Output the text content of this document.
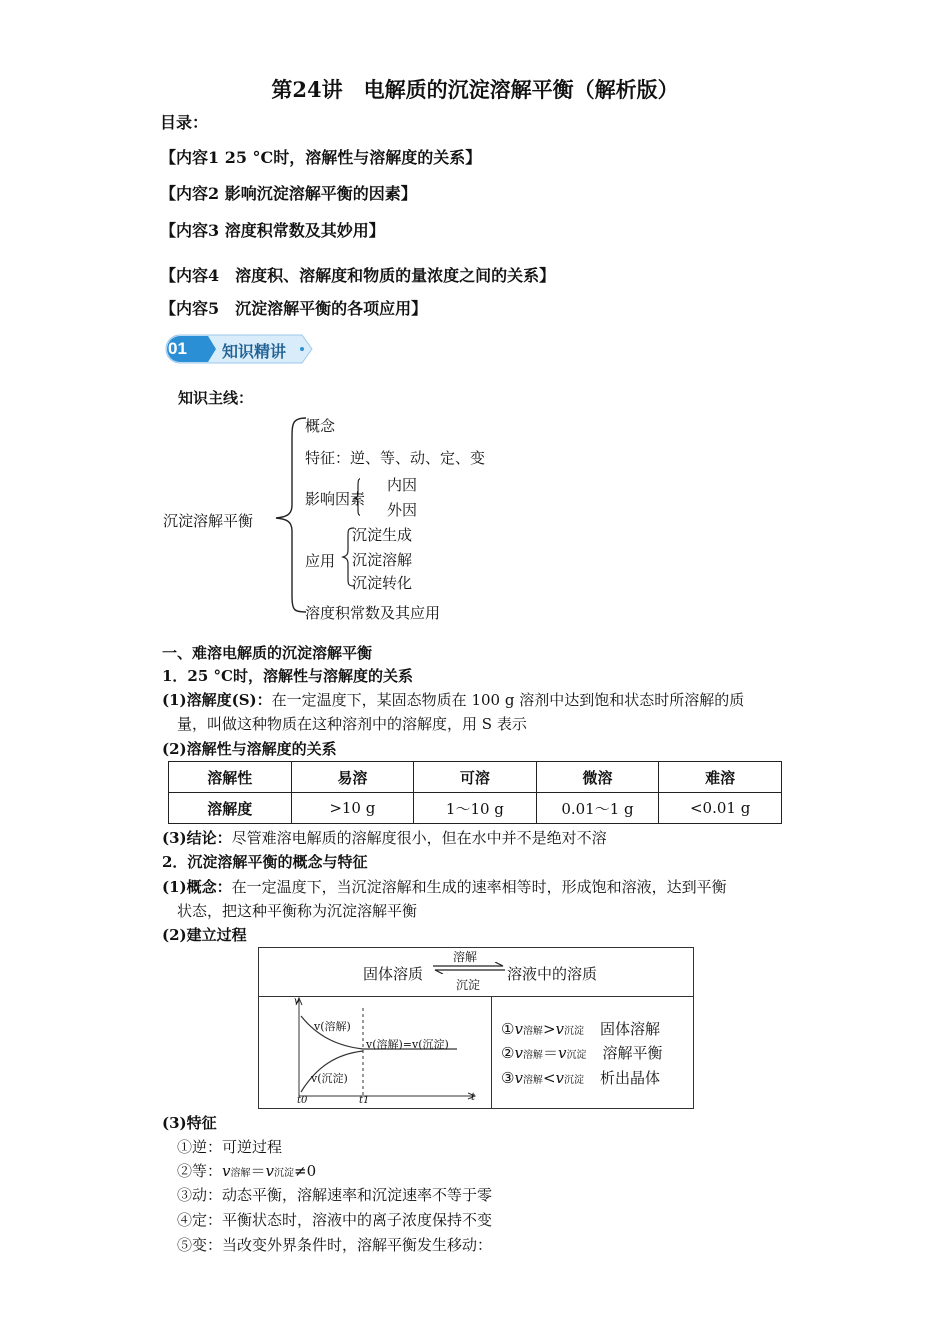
第24讲　电解质的沉淀溶解平衡（解析版）
目录：
【内容1 25 °C时，溶解性与溶解度的关系】
【内容2 影响沉淀溶解平衡的因素】
【内容3 溶度积常数及其妙用】
【内容4　溶度积、溶解度和物质的量浓度之间的关系】
【内容5　沉淀溶解平衡的各项应用】
01 知识精讲
知识主线：
沉淀溶解平衡
概念
特征：逆、等、动、定、变
影响因素
内因
外因
应用
沉淀生成
沉淀溶解
沉淀转化
溶度积常数及其应用
一、难溶电解质的沉淀溶解平衡
1．25 °C时，溶解性与溶解度的关系
(1)溶解度(S)：在一定温度下，某固态物质在 100 g 溶剂中达到饱和状态时所溶解的质
量，叫做这种物质在这种溶剂中的溶解度，用 S 表示
(2)溶解性与溶解度的关系
溶解性	易溶	可溶	微溶	难溶
溶解度	>10 g	1～10 g	0.01～1 g	<0.01 g
(3)结论：尽管难溶电解质的溶解度很小，但在水中并不是绝对不溶
2．沉淀溶解平衡的概念与特征
(1)概念：在一定温度下，当沉淀溶解和生成的速率相等时，形成饱和溶液，达到平衡
状态，把这种平衡称为沉淀溶解平衡
(2)建立过程
固体溶质
溶解
沉淀
溶液中的溶质
v
t
t0	t1
v(溶解)
v(溶解)=v(沉淀)
v(沉淀)
①v溶解>v沉淀 固体溶解
②v溶解＝v沉淀 溶解平衡
③v溶解<v沉淀 析出晶体
(3)特征
①逆：可逆过程
②等：v溶解＝v沉淀≠0
③动：动态平衡，溶解速率和沉淀速率不等于零
④定：平衡状态时，溶液中的离子浓度保持不变
⑤变：当改变外界条件时，溶解平衡发生移动：
